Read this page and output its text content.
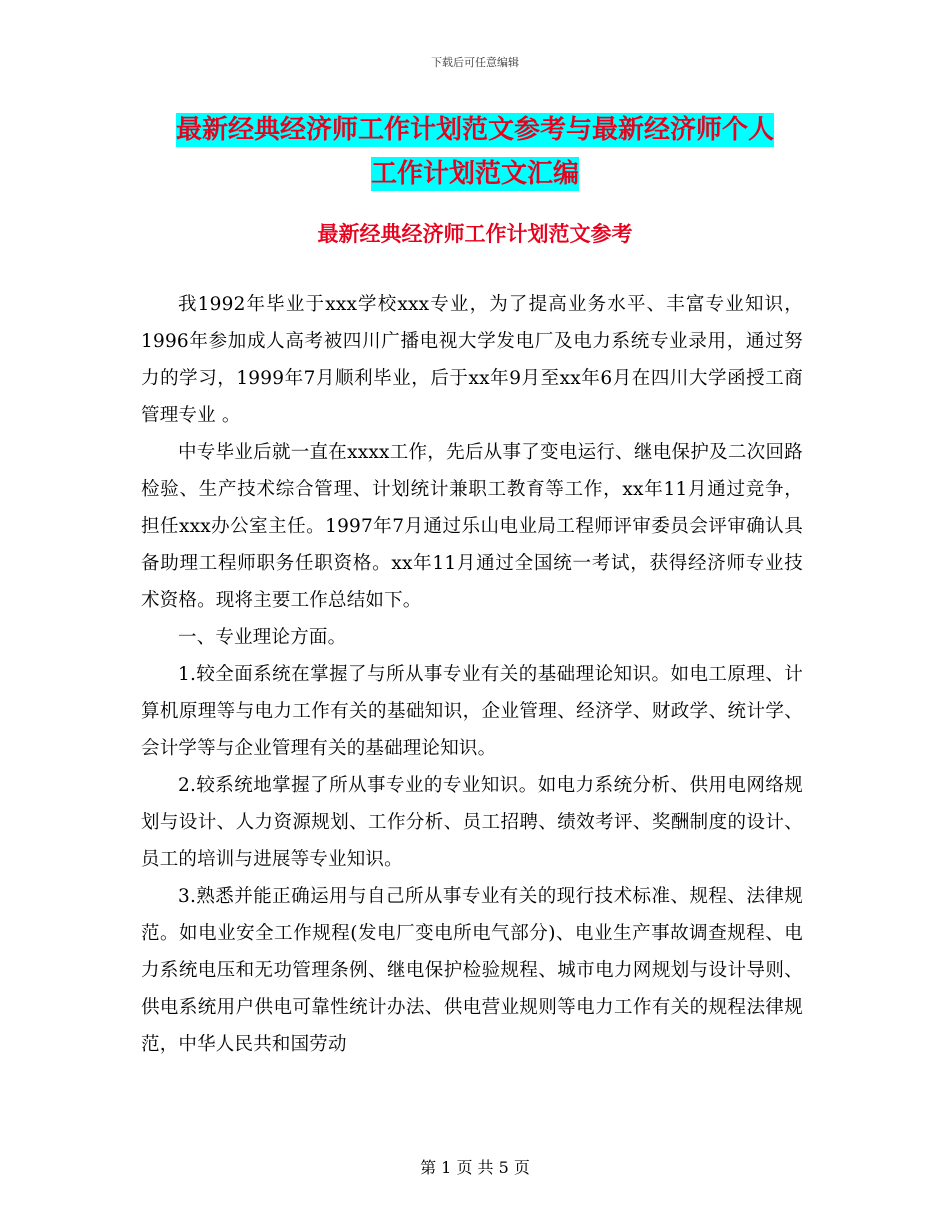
下载后可任意编辑
最新经典经济师工作计划范文参考与最新经济师个人
工作计划范文汇编
最新经典经济师工作计划范文参考

我1992年毕业于xxx学校xxx专业，为了提高业务水平、丰富专业知识，1996年参加成人高考被四川广播电视大学发电厂及电力系统专业录用，通过努力的学习，1999年7月顺利毕业，后于xx年9月至xx年6月在四川大学函授工商管理专业 。

中专毕业后就一直在xxxx工作，先后从事了变电运行、继电保护及二次回路检验、生产技术综合管理、计划统计兼职工教育等工作，xx年11月通过竞争，担任xxx办公室主任。1997年7月通过乐山电业局工程师评审委员会评审确认具备助理工程师职务任职资格。xx年11月通过全国统一考试，获得经济师专业技术资格。现将主要工作总结如下。

一、专业理论方面。

1.较全面系统在掌握了与所从事专业有关的基础理论知识。如电工原理、计算机原理等与电力工作有关的基础知识，企业管理、经济学、财政学、统计学、会计学等与企业管理有关的基础理论知识。

2.较系统地掌握了所从事专业的专业知识。如电力系统分析、供用电网络规划与设计、人力资源规划、工作分析、员工招聘、绩效考评、奖酬制度的设计、员工的培训与进展等专业知识。

3.熟悉并能正确运用与自己所从事专业有关的现行技术标准、规程、法律规范。如电业安全工作规程(发电厂变电所电气部分)、电业生产事故调查规程、电力系统电压和无功管理条例、继电保护检验规程、城市电力网规划与设计导则、供电系统用户供电可靠性统计办法、供电营业规则等电力工作有关的规程法律规范，中华人民共和国劳动

第 1 页 共 5 页
